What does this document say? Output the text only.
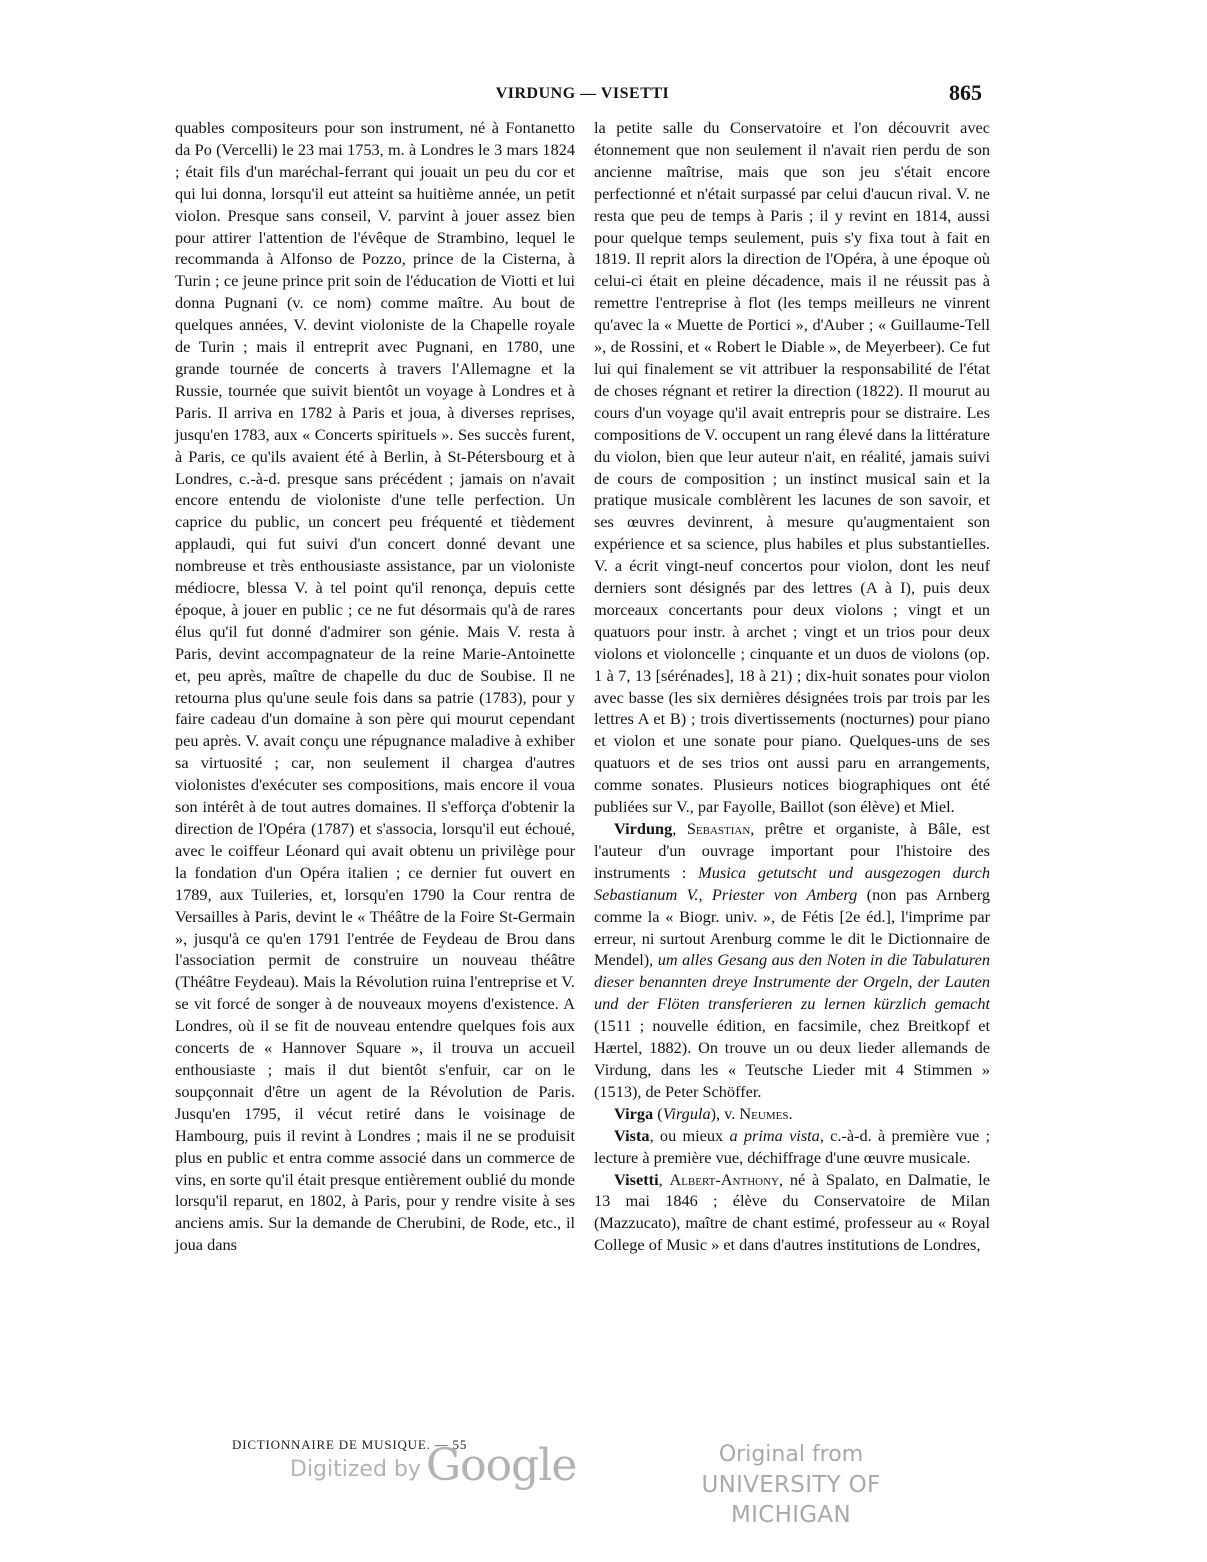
VIRDUNG — VISETTI	865

quables compositeurs pour son instrument, né à Fontanetto da Po (Vercelli) le 23 mai 1753, m. à Londres le 3 mars 1824 ; était fils d'un maréchal-ferrant qui jouait un peu du cor et qui lui donna, lorsqu'il eut atteint sa huitième année, un petit violon. Presque sans conseil, V. parvint à jouer assez bien pour attirer l'attention de l'évêque de Strambino, lequel le recommanda à Alfonso de Pozzo, prince de la Cisterna, à Turin ; ce jeune prince prit soin de l'éducation de Viotti et lui donna Pugnani (v. ce nom) comme maître. Au bout de quelques années, V. devint violoniste de la Chapelle royale de Turin ; mais il entreprit avec Pugnani, en 1780, une grande tournée de concerts à travers l'Allemagne et la Russie, tournée que suivit bientôt un voyage à Londres et à Paris. Il arriva en 1782 à Paris et joua, à diverses reprises, jusqu'en 1783, aux « Concerts spirituels ». Ses succès furent, à Paris, ce qu'ils avaient été à Berlin, à St-Pétersbourg et à Londres, c.-à-d. presque sans précédent ; jamais on n'avait encore entendu de violoniste d'une telle perfection. Un caprice du public, un concert peu fréquenté et tièdement applaudi, qui fut suivi d'un concert donné devant une nombreuse et très enthousiaste assistance, par un violoniste médiocre, blessa V. à tel point qu'il renonça, depuis cette époque, à jouer en public ; ce ne fut désormais qu'à de rares élus qu'il fut donné d'admirer son génie. Mais V. resta à Paris, devint accompagnateur de la reine Marie-Antoinette et, peu après, maître de chapelle du duc de Soubise. Il ne retourna plus qu'une seule fois dans sa patrie (1783), pour y faire cadeau d'un domaine à son père qui mourut cependant peu après. V. avait conçu une répugnance maladive à exhiber sa virtuosité ; car, non seulement il chargea d'autres violonistes d'exécuter ses compositions, mais encore il voua son intérêt à de tout autres domaines. Il s'efforça d'obtenir la direction de l'Opéra (1787) et s'associa, lorsqu'il eut échoué, avec le coiffeur Léonard qui avait obtenu un privilège pour la fondation d'un Opéra italien ; ce dernier fut ouvert en 1789, aux Tuileries, et, lorsqu'en 1790 la Cour rentra de Versailles à Paris, devint le « Théâtre de la Foire St-Germain », jusqu'à ce qu'en 1791 l'entrée de Feydeau de Brou dans l'association permit de construire un nouveau théâtre (Théâtre Feydeau). Mais la Révolution ruina l'entreprise et V. se vit forcé de songer à de nouveaux moyens d'existence. A Londres, où il se fit de nouveau entendre quelques fois aux concerts de « Hannover Square », il trouva un accueil enthousiaste ; mais il dut bientôt s'enfuir, car on le soupçonnait d'être un agent de la Révolution de Paris. Jusqu'en 1795, il vécut retiré dans le voisinage de Hambourg, puis il revint à Londres ; mais il ne se produisit plus en public et entra comme associé dans un commerce de vins, en sorte qu'il était presque entièrement oublié du monde lorsqu'il reparut, en 1802, à Paris, pour y rendre visite à ses anciens amis. Sur la demande de Cherubini, de Rode, etc., il joua dans

la petite salle du Conservatoire et l'on découvrit avec étonnement que non seulement il n'avait rien perdu de son ancienne maîtrise, mais que son jeu s'était encore perfectionné et n'était surpassé par celui d'aucun rival. V. ne resta que peu de temps à Paris ; il y revint en 1814, aussi pour quelque temps seulement, puis s'y fixa tout à fait en 1819. Il reprit alors la direction de l'Opéra, à une époque où celui-ci était en pleine décadence, mais il ne réussit pas à remettre l'entreprise à flot (les temps meilleurs ne vinrent qu'avec la « Muette de Portici », d'Auber ; « Guillaume-Tell », de Rossini, et « Robert le Diable », de Meyerbeer). Ce fut lui qui finalement se vit attribuer la responsabilité de l'état de choses régnant et retirer la direction (1822). Il mourut au cours d'un voyage qu'il avait entrepris pour se distraire. Les compositions de V. occupent un rang élevé dans la littérature du violon, bien que leur auteur n'ait, en réalité, jamais suivi de cours de composition ; un instinct musical sain et la pratique musicale comblèrent les lacunes de son savoir, et ses œuvres devinrent, à mesure qu'augmentaient son expérience et sa science, plus habiles et plus substantielles. V. a écrit vingt-neuf concertos pour violon, dont les neuf derniers sont désignés par des lettres (A à I), puis deux morceaux concertants pour deux violons ; vingt et un quatuors pour instr. à archet ; vingt et un trios pour deux violons et violoncelle ; cinquante et un duos de violons (op. 1 à 7, 13 [sérénades], 18 à 21) ; dix-huit sonates pour violon avec basse (les six dernières désignées trois par trois par les lettres A et B) ; trois divertissements (nocturnes) pour piano et violon et une sonate pour piano. Quelques-uns de ses quatuors et de ses trios ont aussi paru en arrangements, comme sonates. Plusieurs notices biographiques ont été publiées sur V., par Fayolle, Baillot (son élève) et Miel.

Virdung, Sebastian, prêtre et organiste, à Bâle, est l'auteur d'un ouvrage important pour l'histoire des instruments : Musica getutscht und ausgezogen durch Sebastianum V., Priester von Amberg (non pas Arnberg comme la « Biogr. univ. », de Fétis [2e éd.], l'imprime par erreur, ni surtout Arenburg comme le dit le Dictionnaire de Mendel), um alles Gesang aus den Noten in die Tabulaturen dieser benannten dreye Instrumente der Orgeln, der Lauten und der Flöten transferieren zu lernen kürzlich gemacht (1511 ; nouvelle édition, en facsimile, chez Breitkopf et Hærtel, 1882). On trouve un ou deux lieder allemands de Virdung, dans les « Teutsche Lieder mit 4 Stimmen » (1513), de Peter Schöffer.

Virga (Virgula), v. Neumes.

Vista, ou mieux a prima vista, c.-à-d. à première vue ; lecture à première vue, déchiffrage d'une œuvre musicale.

Visetti, Albert-Anthony, né à Spalato, en Dalmatie, le 13 mai 1846 ; élève du Conservatoire de Milan (Mazzucato), maître de chant estimé, professeur au « Royal College of Music » et dans d'autres institutions de Londres,

DICTIONNAIRE DE MUSIQUE. — 55
Digitized by Google	Original from
UNIVERSITY OF MICHIGAN
